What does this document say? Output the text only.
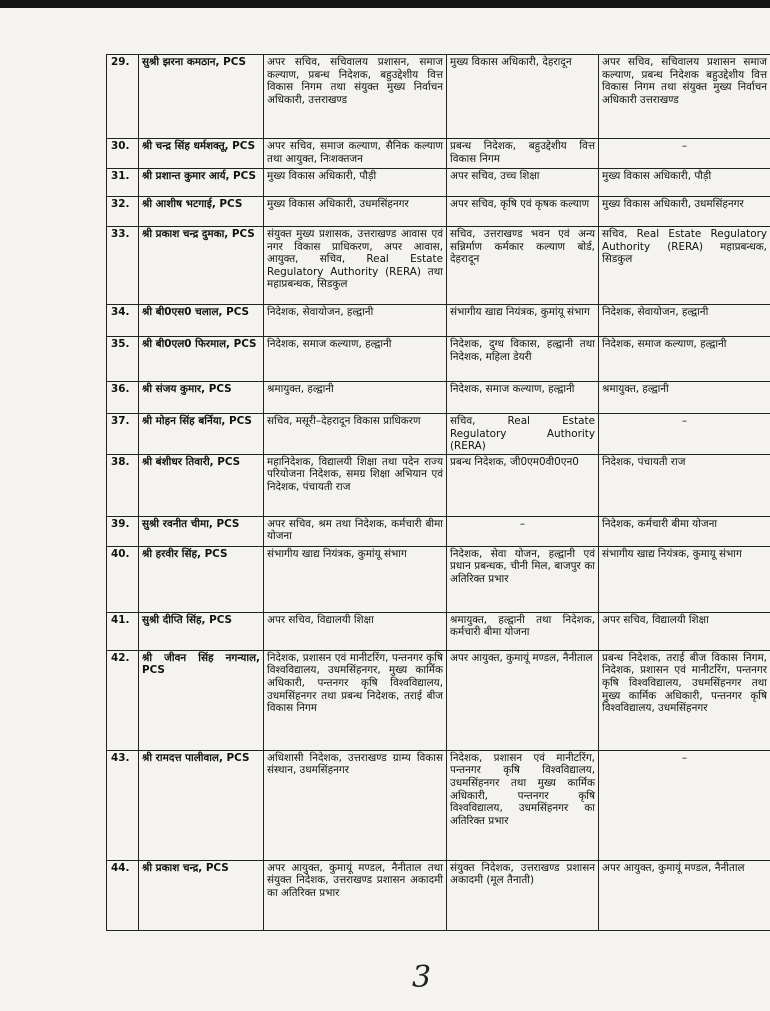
29.	सुश्री झरना कमठान, PCS	अपर सचिव, सचिवालय प्रशासन, समाज कल्याण, प्रबन्ध निदेशक, बहुउद्देशीय वित्त विकास निगम तथा संयुक्त मुख्य निर्वाचन अधिकारी, उत्तराखण्ड	मुख्य विकास अधिकारी, देहरादून	अपर सचिव, सचिवालय प्रशासन समाज कल्याण, प्रबन्ध निदेशक बहुउद्देशीय वित्त विकास निगम तथा संयुक्त मुख्य निर्वाचन अधिकारी उत्तराखण्ड
30.	श्री चन्द्र सिंह धर्मशक्तू, PCS	अपर सचिव, समाज कल्याण, सैनिक कल्याण तथा आयुक्त, निःशक्तजन	प्रबन्ध निदेशक, बहुउद्देशीय वित्त विकास निगम	–
31.	श्री प्रशान्त कुमार आर्य, PCS	मुख्य विकास अधिकारी, पौड़ी	अपर सचिव, उच्च शिक्षा	मुख्य विकास अधिकारी, पौड़ी
32.	श्री आशीष भटगाई, PCS	मुख्य विकास अधिकारी, उधमसिंहनगर	अपर सचिव, कृषि एवं कृषक कल्याण	मुख्य विकास अधिकारी, उधमसिंहनगर
33.	श्री प्रकाश चन्द्र दुमका, PCS	संयुक्त मुख्य प्रशासक, उत्तराखण्ड आवास एवं नगर विकास प्राधिकरण, अपर आवास, आयुक्त, सचिव, Real Estate Regulatory Authority (RERA) तथा महाप्रबन्धक, सिडकुल	सचिव, उत्तराखण्ड भवन एवं अन्य सन्निर्माण कर्मकार कल्याण बोर्ड, देहरादून	सचिव, Real Estate Regulatory Authority (RERA) महाप्रबन्धक, सिडकुल
34.	श्री बी0एस0 चलाल, PCS	निदेशक, सेवायोजन, हल्द्वानी	संभागीय खाद्य नियंत्रक, कुमांयू संभाग	निदेशक, सेवायोजन, हल्द्वानी
35.	श्री बी0एल0 फिरमाल, PCS	निदेशक, समाज कल्याण, हल्द्वानी	निदेशक, दुग्ध विकास, हल्द्वानी तथा निदेशक, महिला डेयरी	निदेशक, समाज कल्याण, हल्द्वानी
36.	श्री संजय कुमार, PCS	श्रमायुक्त, हल्द्वानी	निदेशक, समाज कल्याण, हल्द्वानी	श्रमायुक्त, हल्द्वानी
37.	श्री मोहन सिंह बर्निया, PCS	सचिव, मसूरी–देहरादून विकास प्राधिकरण	सचिव, Real Estate Regulatory Authority (RERA)	–
38.	श्री बंशीधर तिवारी, PCS	महानिदेशक, विद्यालयी शिक्षा तथा पदेन राज्य परियोजना निदेशक, समग्र शिक्षा अभियान एवं निदेशक, पंचायती राज	प्रबन्ध निदेशक, जी0एम0वी0एन0	निदेशक, पंचायती राज
39.	सुश्री रवनीत चीमा, PCS	अपर सचिव, श्रम तथा निदेशक, कर्मचारी बीमा योजना	–	निदेशक, कर्मचारी बीमा योजना
40.	श्री हरवीर सिंह, PCS	संभागीय खाद्य नियंत्रक, कुमांयू संभाग	निदेशक, सेवा योजन, हल्द्वानी एवं प्रधान प्रबन्धक, चीनी मिल, बाजपुर का अतिरिक्त प्रभार	संभागीय खाद्य नियंत्रक, कुमायू संभाग
41.	सुश्री दीप्ति सिंह, PCS	अपर सचिव, विद्यालयी शिक्षा	श्रमायुक्त, हल्द्वानी तथा निदेशक, कर्मचारी बीमा योजना	अपर सचिव, विद्यालयी शिक्षा
42.	श्री जीवन सिंह नगन्याल, PCS	निदेशक, प्रशासन एवं मानीटरिंग, पन्तनगर कृषि विश्वविद्यालय, उधमसिंहनगर, मुख्य कार्मिक अधिकारी, पन्तनगर कृषि विश्वविद्यालय, उधमसिंहनगर तथा प्रबन्ध निदेशक, तराई बीज विकास निगम	अपर आयुक्त, कुमायूं मण्डल, नैनीताल	प्रबन्ध निदेशक, तराई बीज विकास निगम, निदेशक, प्रशासन एवं मानीटरिंग, पन्तनगर कृषि विश्वविद्यालय, उधमसिंहनगर तथा मुख्य कार्मिक अधिकारी, पन्तनगर कृषि विश्वविद्यालय, उधमसिंहनगर
43.	श्री रामदत्त पालीवाल, PCS	अधिशासी निदेशक, उत्तराखण्ड ग्राम्य विकास संस्थान, उधमसिंहनगर	निदेशक, प्रशासन एवं मानीटरिंग, पन्तनगर कृषि विश्वविद्यालय, उधमसिंहनगर तथा मुख्य कार्मिक अधिकारी, पन्तनगर कृषि विश्वविद्यालय, उधमसिंहनगर का अतिरिक्त प्रभार	–
44.	श्री प्रकाश चन्द्र, PCS	अपर आयुक्त, कुमायूं मण्डल, नैनीताल तथा संयुक्त निदेशक, उत्तराखण्ड प्रशासन अकादमी का अतिरिक्त प्रभार	संयुक्त निदेशक, उत्तराखण्ड प्रशासन अकादमी (मूल तैनाती)	अपर आयुक्त, कुमायूं मण्डल, नैनीताल
3
